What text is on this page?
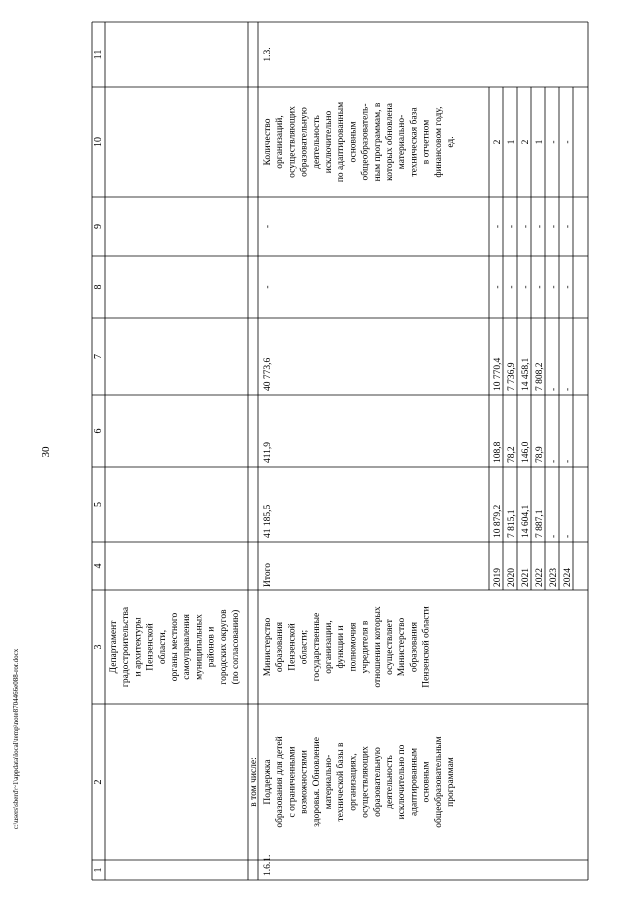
30
c:\users\sberd\~1\appdata\local\temp\note8704466e088-ror.docx
1
2
3
4
5
6
7
8
9
10
11
Департамент градостроительства и архитектуры Пензенской области, органы местного самоуправления муниципальных районов и городских округов (по согласованию)
в том числе:
1.6.1.
Поддержка образования для детей с ограниченными возможностями здоровья. Обновление материально- технической базы в организациях, осуществляющих образовательную деятельность исключительно по адаптированным основным общеобразовательным программам
Министерство образования Пензенской области; государственные организации, функции и полномочия учредителя в отношении которых осуществляет Министерство образования Пензенской области
Итого
41 185,5
411,9
40 773,6
-
-
Количество организаций, осуществляющих образовательную деятельность исключительно по адаптированным основным общеобразователь- ным программам, в которых обновлена материально- техническая база в отчетном финансовом году, ед.
1.3.
2019
10 879,2
108,8
10 770,4
-
-
2
2020
7 815,1
78,2
7 736,9
-
-
1
2021
14 604,1
146,0
14 458,1
-
-
2
2022
7 887,1
78,9
7 808,2
-
-
1
2023
-
-
-
-
-
-
2024
-
-
-
-
-
-
